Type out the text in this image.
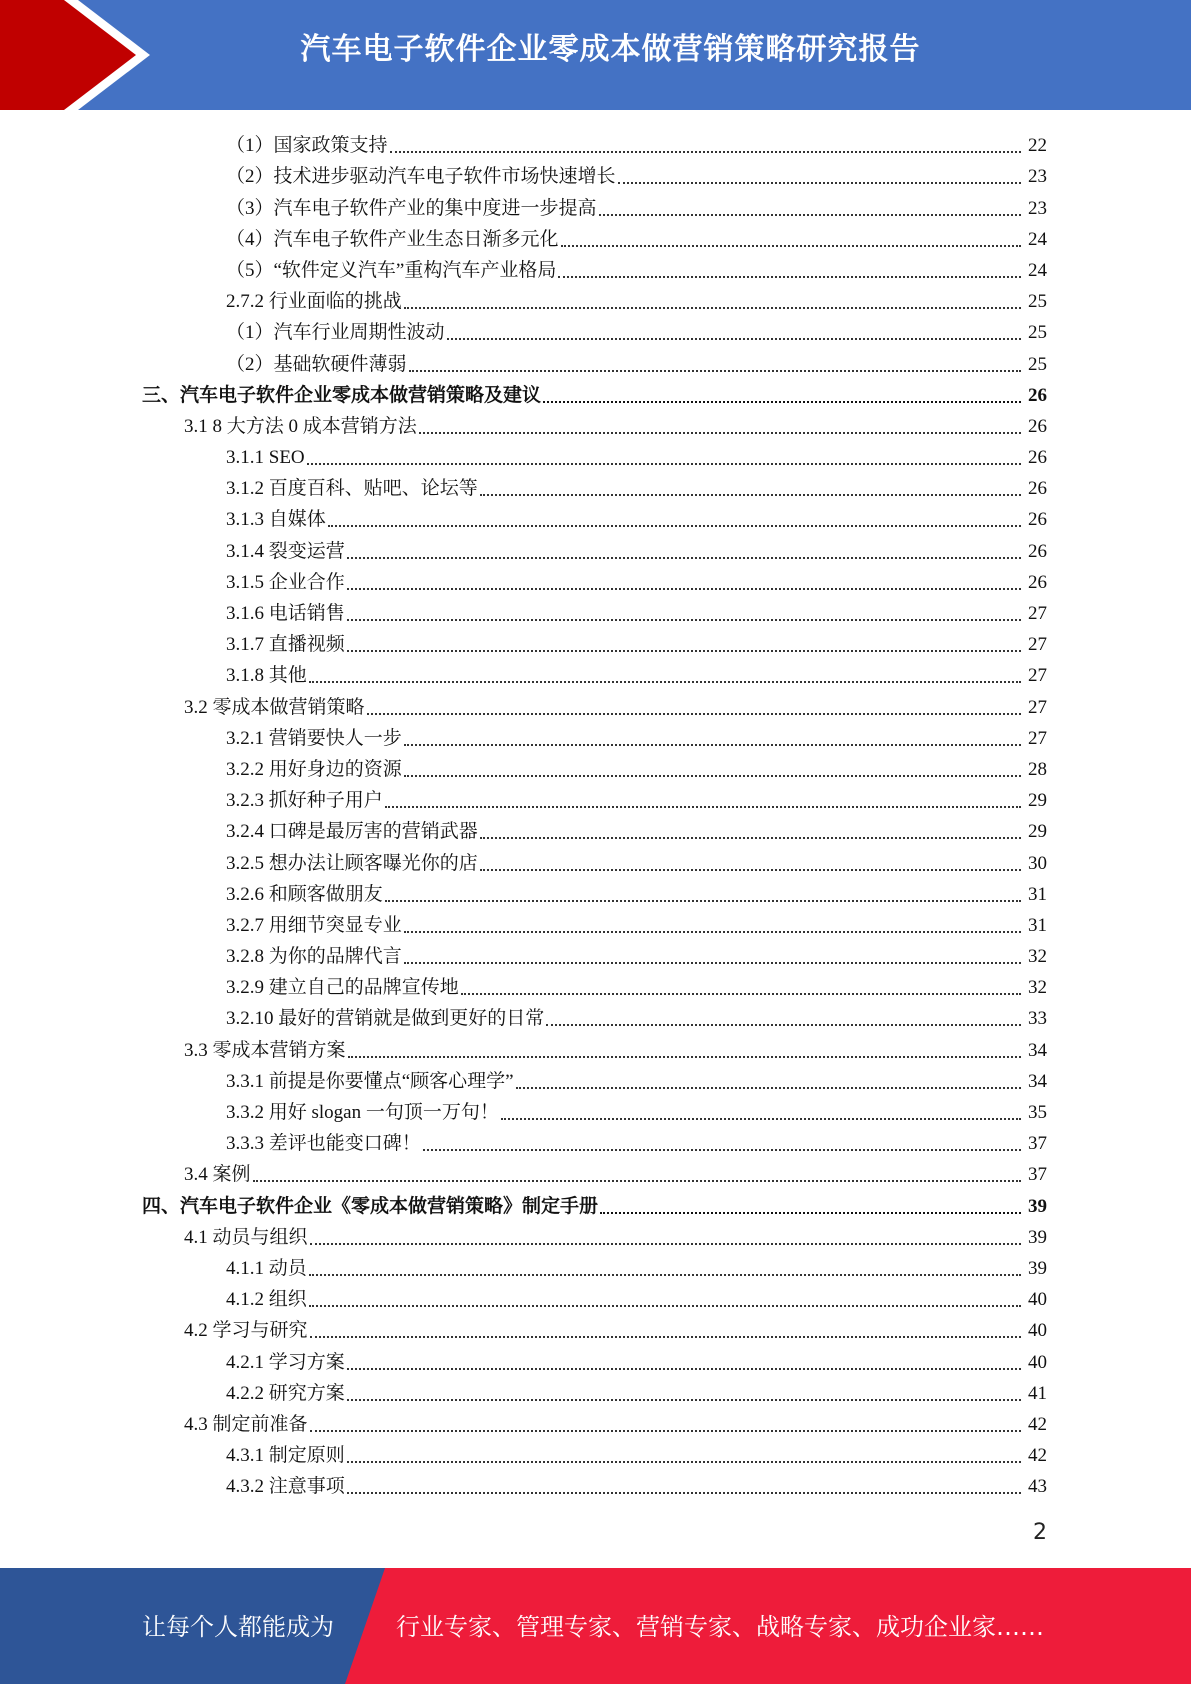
汽车电子软件企业零成本做营销策略研究报告
（1）国家政策支持	22
（2）技术进步驱动汽车电子软件市场快速增长	23
（3）汽车电子软件产业的集中度进一步提高	23
（4）汽车电子软件产业生态日渐多元化	24
（5）“软件定义汽车”重构汽车产业格局	24
2.7.2 行业面临的挑战	25
（1）汽车行业周期性波动	25
（2）基础软硬件薄弱	25
三、汽车电子软件企业零成本做营销策略及建议	26
3.1 8 大方法 0 成本营销方法	26
3.1.1 SEO	26
3.1.2 百度百科、贴吧、论坛等	26
3.1.3 自媒体	26
3.1.4 裂变运营	26
3.1.5 企业合作	26
3.1.6 电话销售	27
3.1.7 直播视频	27
3.1.8 其他	27
3.2 零成本做营销策略	27
3.2.1 营销要快人一步	27
3.2.2 用好身边的资源	28
3.2.3 抓好种子用户	29
3.2.4 口碑是最厉害的营销武器	29
3.2.5 想办法让顾客曝光你的店	30
3.2.6 和顾客做朋友	31
3.2.7 用细节突显专业	31
3.2.8 为你的品牌代言	32
3.2.9 建立自己的品牌宣传地	32
3.2.10 最好的营销就是做到更好的日常	33
3.3 零成本营销方案	34
3.3.1 前提是你要懂点“顾客心理学”	34
3.3.2 用好 slogan 一句顶一万句！	35
3.3.3 差评也能变口碑！	37
3.4 案例	37
四、汽车电子软件企业《零成本做营销策略》制定手册	39
4.1 动员与组织	39
4.1.1 动员	39
4.1.2 组织	40
4.2 学习与研究	40
4.2.1 学习方案	40
4.2.2 研究方案	41
4.3 制定前准备	42
4.3.1 制定原则	42
4.3.2 注意事项	43
2
让每个人都能成为	行业专家、管理专家、营销专家、战略专家、成功企业家……
